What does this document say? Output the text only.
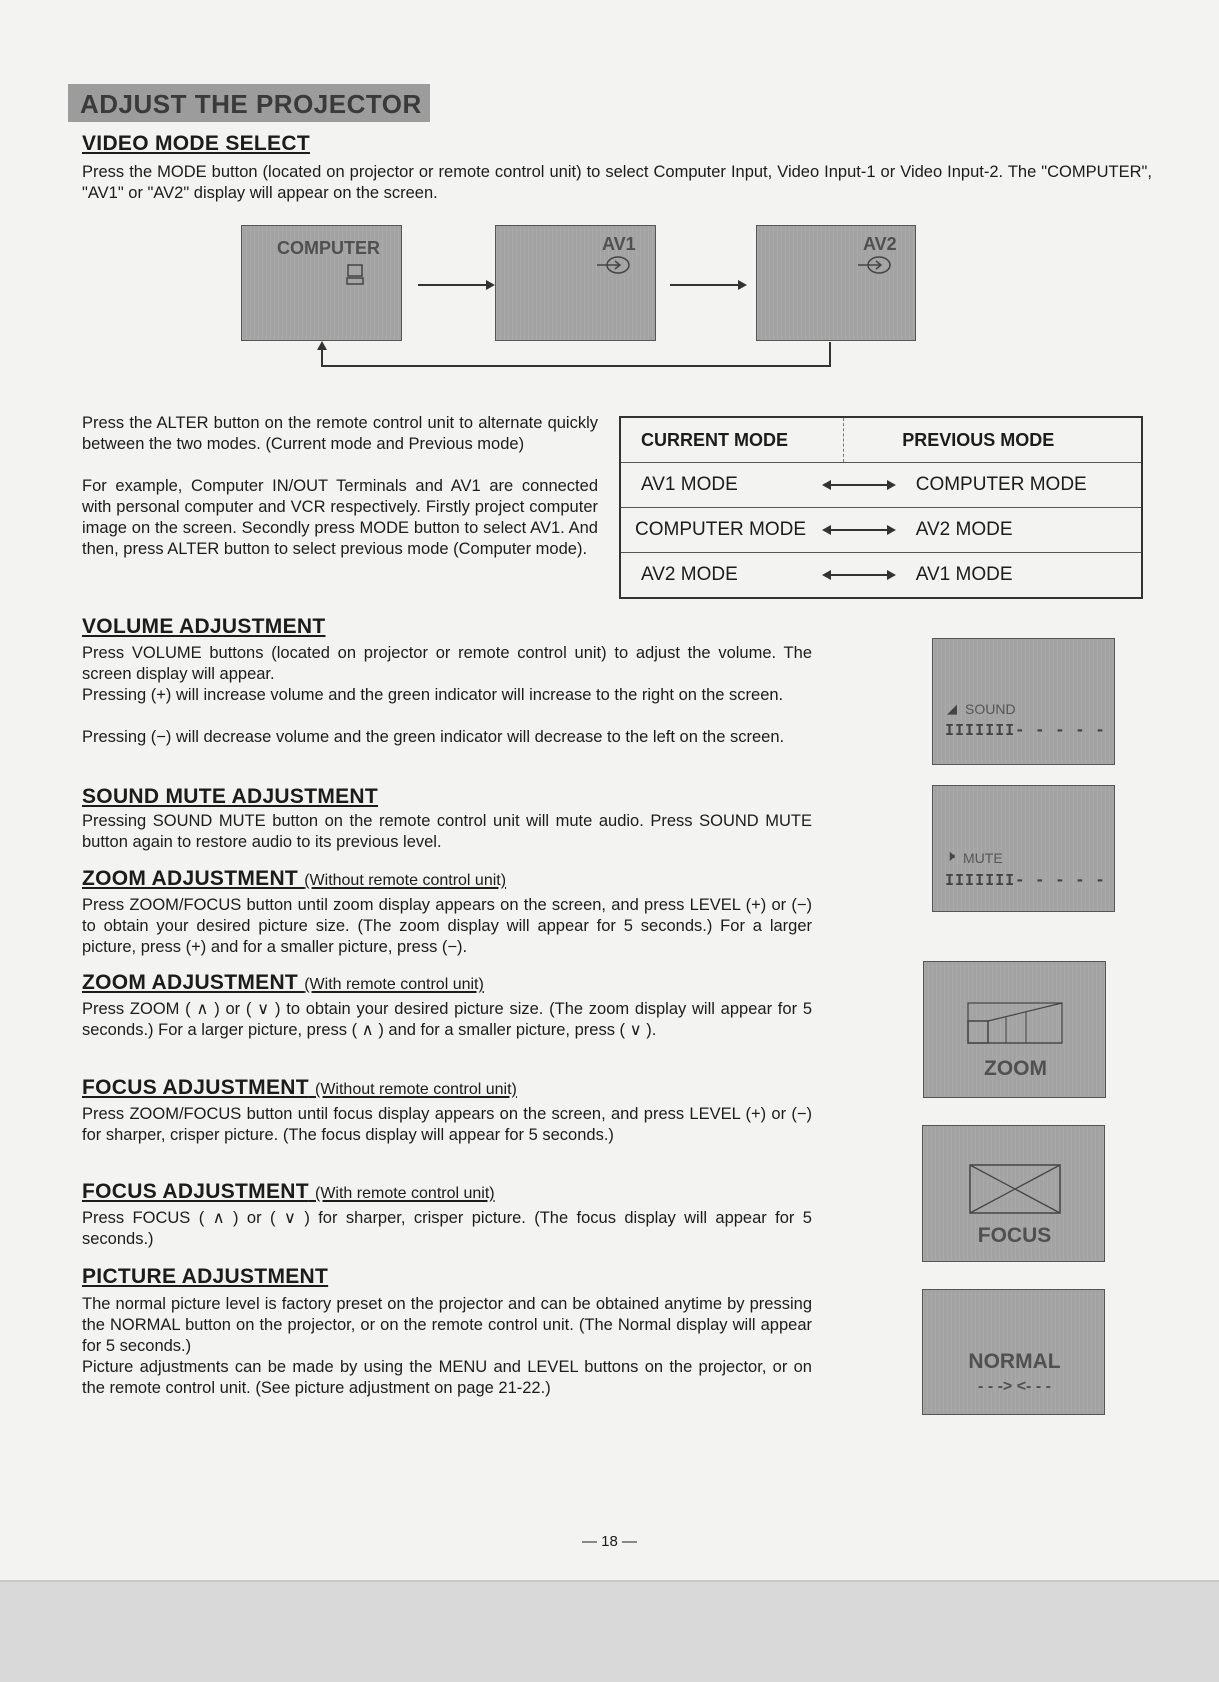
ADJUST THE PROJECTOR
VIDEO MODE SELECT
Press the MODE button (located on projector or remote control unit) to select Computer Input, Video Input-1 or Video Input-2. The "COMPUTER", "AV1" or "AV2" display will appear on the screen.
COMPUTER	AV1	AV2
Press the ALTER button on the remote control unit to alternate quickly between the two modes. (Current mode and Previous mode)
For example, Computer IN/OUT Terminals and AV1 are connected with personal computer and VCR respectively. Firstly project computer image on the screen. Secondly press MODE button to select AV1. And then, press ALTER button to select previous mode (Computer mode).
CURRENT MODE	PREVIOUS MODE
AV1 MODE	COMPUTER MODE
COMPUTER MODE	AV2 MODE
AV2 MODE	AV1 MODE
VOLUME ADJUSTMENT
Press VOLUME buttons (located on projector or remote control unit) to adjust the volume. The screen display will appear.
Pressing (+) will increase volume and the green indicator will increase to the right on the screen.
Pressing (−) will decrease volume and the green indicator will decrease to the left on the screen.
◢ SOUND
IIIIIII- - - - -
SOUND MUTE ADJUSTMENT
Pressing SOUND MUTE button on the remote control unit will mute audio. Press SOUND MUTE button again to restore audio to its previous level.
🕨 MUTE
IIIIIII- - - - -
ZOOM ADJUSTMENT (Without remote control unit)
Press ZOOM/FOCUS button until zoom display appears on the screen, and press LEVEL (+) or (−) to obtain your desired picture size. (The zoom display will appear for 5 seconds.) For a larger picture, press (+) and for a smaller picture, press (−).
ZOOM ADJUSTMENT (With remote control unit)
Press ZOOM ( ∧ ) or ( ∨ ) to obtain your desired picture size. (The zoom display will appear for 5 seconds.) For a larger picture, press ( ∧ ) and for a smaller picture, press ( ∨ ).
ZOOM
FOCUS ADJUSTMENT (Without remote control unit)
Press ZOOM/FOCUS button until focus display appears on the screen, and press LEVEL (+) or (−) for sharper, crisper picture. (The focus display will appear for 5 seconds.)
FOCUS ADJUSTMENT (With remote control unit)
Press FOCUS ( ∧ ) or ( ∨ ) for sharper, crisper picture. (The focus display will appear for 5 seconds.)	FOCUS
PICTURE ADJUSTMENT
The normal picture level is factory preset on the projector and can be obtained anytime by pressing the NORMAL button on the projector, or on the remote control unit. (The Normal display will appear for 5 seconds.)
Picture adjustments can be made by using the MENU and LEVEL buttons on the projector, or on the remote control unit. (See picture adjustment on page 21-22.)
NORMAL
- - -> <- - -
— 18 —
